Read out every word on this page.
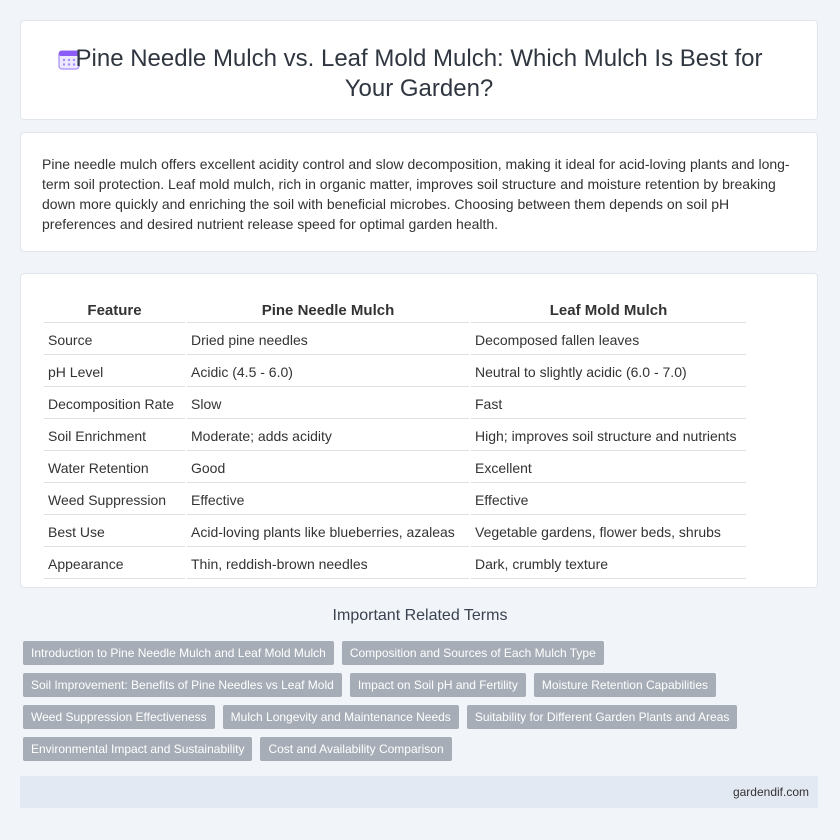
Pine Needle Mulch vs. Leaf Mold Mulch: Which Mulch Is Best for Your Garden?
Pine needle mulch offers excellent acidity control and slow decomposition, making it ideal for acid-loving plants and long-term soil protection. Leaf mold mulch, rich in organic matter, improves soil structure and moisture retention by breaking down more quickly and enriching the soil with beneficial microbes. Choosing between them depends on soil pH preferences and desired nutrient release speed for optimal garden health.
Feature	Pine Needle Mulch	Leaf Mold Mulch
Source	Dried pine needles	Decomposed fallen leaves
pH Level	Acidic (4.5 - 6.0)	Neutral to slightly acidic (6.0 - 7.0)
Decomposition Rate	Slow	Fast
Soil Enrichment	Moderate; adds acidity	High; improves soil structure and nutrients
Water Retention	Good	Excellent
Weed Suppression	Effective	Effective
Best Use	Acid-loving plants like blueberries, azaleas	Vegetable gardens, flower beds, shrubs
Appearance	Thin, reddish-brown needles	Dark, crumbly texture
Important Related Terms
Introduction to Pine Needle Mulch and Leaf Mold Mulch	Composition and Sources of Each Mulch Type
Soil Improvement: Benefits of Pine Needles vs Leaf Mold	Impact on Soil pH and Fertility	Moisture Retention Capabilities
Weed Suppression Effectiveness	Mulch Longevity and Maintenance Needs	Suitability for Different Garden Plants and Areas
Environmental Impact and Sustainability	Cost and Availability Comparison
gardendif.com
